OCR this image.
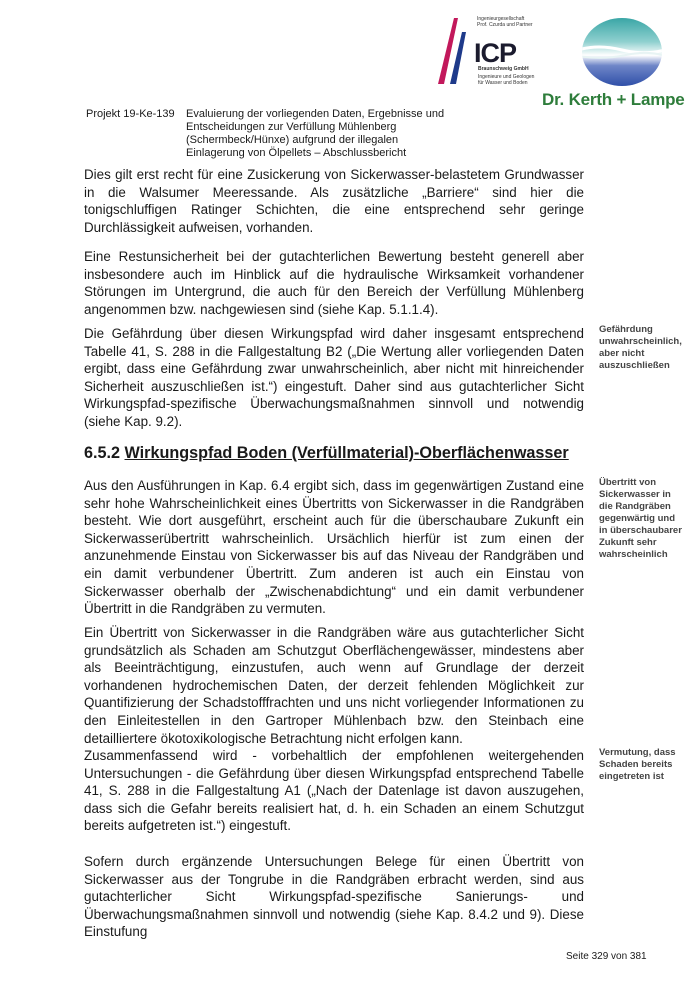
Ingenieurgesellschaft
Prof. Czurda und Partner
ICP
Braunschweig GmbH
Ingenieure und Geologen
für Wasser und Boden
Dr. Kerth + Lampe
Projekt 19-Ke-139 Evaluierung der vorliegenden Daten, Ergebnisse und Entscheidungen zur Verfüllung Mühlenberg (Schermbeck/Hünxe) aufgrund der illegalen Einlagerung von Ölpellets – Abschlussbericht

Dies gilt erst recht für eine Zusickerung von Sickerwasser-belastetem Grundwasser in die Walsumer Meeressande. Als zusätzliche „Barriere“ sind hier die tonigschluffigen Ratinger Schichten, die eine entsprechend sehr geringe Durchlässigkeit aufweisen, vorhanden.

Eine Restunsicherheit bei der gutachterlichen Bewertung besteht generell aber insbesondere auch im Hinblick auf die hydraulische Wirksamkeit vorhandener Störungen im Untergrund, die auch für den Bereich der Verfüllung Mühlenberg angenommen bzw. nachgewiesen sind (siehe Kap. 5.1.1.4).

Die Gefährdung über diesen Wirkungspfad wird daher insgesamt entsprechend Tabelle 41, S. 288 in die Fallgestaltung B2 („Die Wertung aller vorliegenden Daten ergibt, dass eine Gefährdung zwar unwahrscheinlich, aber nicht mit hinreichender Sicherheit auszuschließen ist.“) eingestuft. Daher sind aus gutachterlicher Sicht Wirkungspfad-spezifische Überwachungsmaßnahmen sinnvoll und notwendig (siehe Kap. 9.2).

6.5.2 Wirkungspfad Boden (Verfüllmaterial)-Oberflächenwasser

Aus den Ausführungen in Kap. 6.4 ergibt sich, dass im gegenwärtigen Zustand eine sehr hohe Wahrscheinlichkeit eines Übertritts von Sickerwasser in die Randgräben besteht. Wie dort ausgeführt, erscheint auch für die überschaubare Zukunft ein Sickerwasserübertritt wahrscheinlich. Ursächlich hierfür ist zum einen der anzunehmende Einstau von Sickerwasser bis auf das Niveau der Randgräben und ein damit verbundener Übertritt. Zum anderen ist auch ein Einstau von Sickerwasser oberhalb der „Zwischenabdichtung“ und ein damit verbundener Übertritt in die Randgräben zu vermuten.

Ein Übertritt von Sickerwasser in die Randgräben wäre aus gutachterlicher Sicht grundsätzlich als Schaden am Schutzgut Oberflächengewässer, mindestens aber als Beeinträchtigung, einzustufen, auch wenn auf Grundlage der derzeit vorhandenen hydrochemischen Daten, der derzeit fehlenden Möglichkeit zur Quantifizierung der Schadstofffrachten und uns nicht vorliegender Informationen zu den Einleitestellen in den Gartroper Mühlenbach bzw. den Steinbach eine detailliertere ökotoxikologische Betrachtung nicht erfolgen kann.

Zusammenfassend wird - vorbehaltlich der empfohlenen weitergehenden Untersuchungen - die Gefährdung über diesen Wirkungspfad entsprechend Tabelle 41, S. 288 in die Fallgestaltung A1 („Nach der Datenlage ist davon auszugehen, dass sich die Gefahr bereits realisiert hat, d. h. ein Schaden an einem Schutzgut bereits aufgetreten ist.“) eingestuft.

Sofern durch ergänzende Untersuchungen Belege für einen Übertritt von Sickerwasser aus der Tongrube in die Randgräben erbracht werden, sind aus gutachterlicher Sicht Wirkungspfad-spezifische Sanierungs- und Überwachungsmaßnahmen sinnvoll und notwendig (siehe Kap. 8.4.2 und 9). Diese Einstufung

Gefährdung unwahrscheinlich, aber nicht auszuschließen
Übertritt von Sickerwasser in die Randgräben gegenwärtig und in überschaubarer Zukunft sehr wahrscheinlich
Vermutung, dass Schaden bereits eingetreten ist
Seite 329 von 381
